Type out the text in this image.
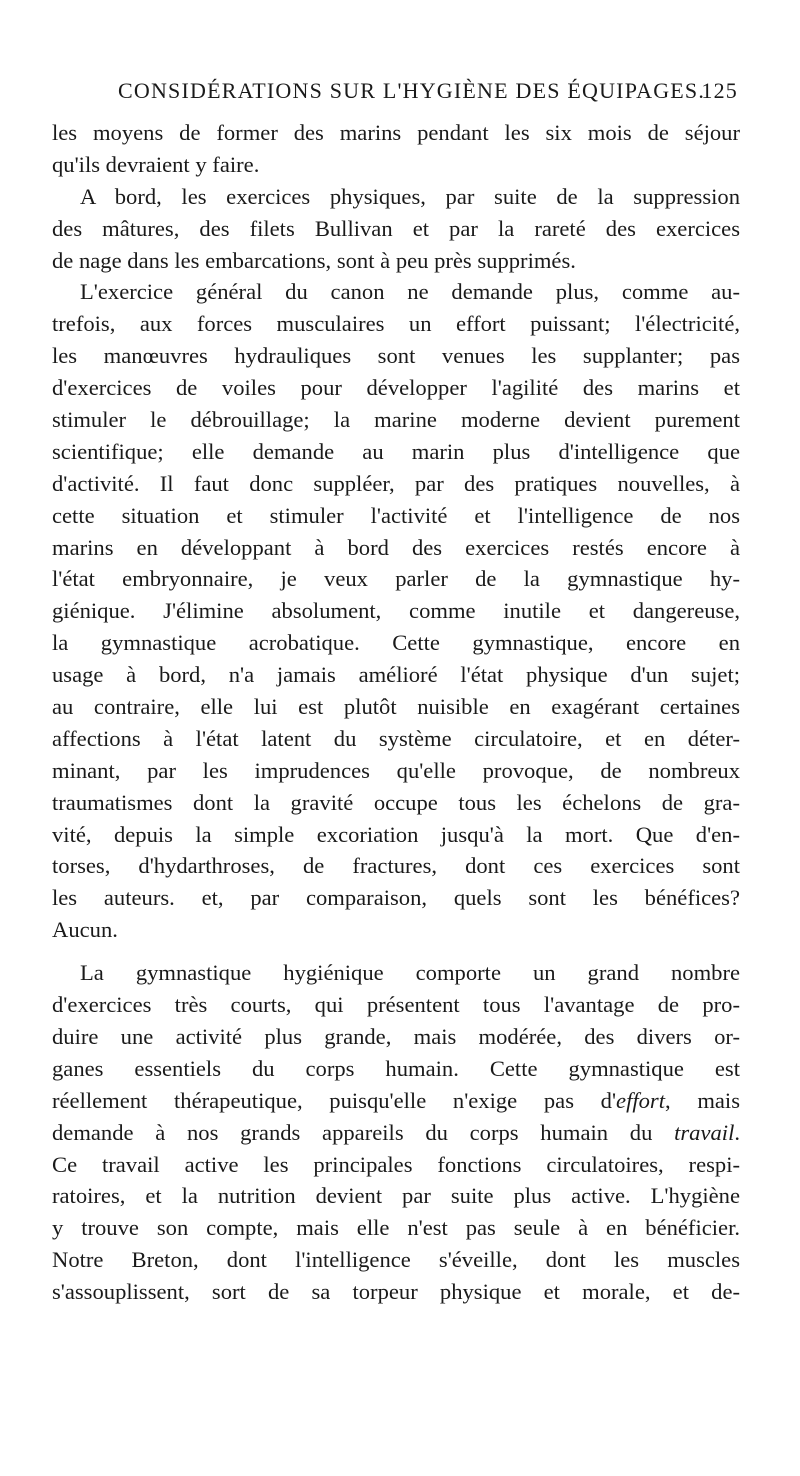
CONSIDÉRATIONS SUR L'HYGIÈNE DES ÉQUIPAGES.
125

les moyens de former des marins pendant les six mois de séjour
qu'ils devraient y faire.

A bord, les exercices physiques, par suite de la suppression
des mâtures, des filets Bullivan et par la rareté des exercices
de nage dans les embarcations, sont à peu près supprimés.

L'exercice général du canon ne demande plus, comme au-
trefois, aux forces musculaires un effort puissant; l'électricité,
les manœuvres hydrauliques sont venues les supplanter; pas
d'exercices de voiles pour développer l'agilité des marins et
stimuler le débrouillage; la marine moderne devient purement
scientifique; elle demande au marin plus d'intelligence que
d'activité. Il faut donc suppléer, par des pratiques nouvelles, à
cette situation et stimuler l'activité et l'intelligence de nos
marins en développant à bord des exercices restés encore à
l'état embryonnaire, je veux parler de la gymnastique hy-
giénique. J'élimine absolument, comme inutile et dangereuse,
la gymnastique acrobatique. Cette gymnastique, encore en
usage à bord, n'a jamais amélioré l'état physique d'un sujet;
au contraire, elle lui est plutôt nuisible en exagérant certaines
affections à l'état latent du système circulatoire, et en déter-
minant, par les imprudences qu'elle provoque, de nombreux
traumatismes dont la gravité occupe tous les échelons de gra-
vité, depuis la simple excoriation jusqu'à la mort. Que d'en-
torses, d'hydarthroses, de fractures, dont ces exercices sont
les auteurs. et, par comparaison, quels sont les bénéfices?
Aucun.

La gymnastique hygiénique comporte un grand nombre
d'exercices très courts, qui présentent tous l'avantage de pro-
duire une activité plus grande, mais modérée, des divers or-
ganes essentiels du corps humain. Cette gymnastique est
réellement thérapeutique, puisqu'elle n'exige pas d'effort, mais
demande à nos grands appareils du corps humain du travail.
Ce travail active les principales fonctions circulatoires, respi-
ratoires, et la nutrition devient par suite plus active. L'hygiène
y trouve son compte, mais elle n'est pas seule à en bénéficier.
Notre Breton, dont l'intelligence s'éveille, dont les muscles
s'assouplissent, sort de sa torpeur physique et morale, et de-
